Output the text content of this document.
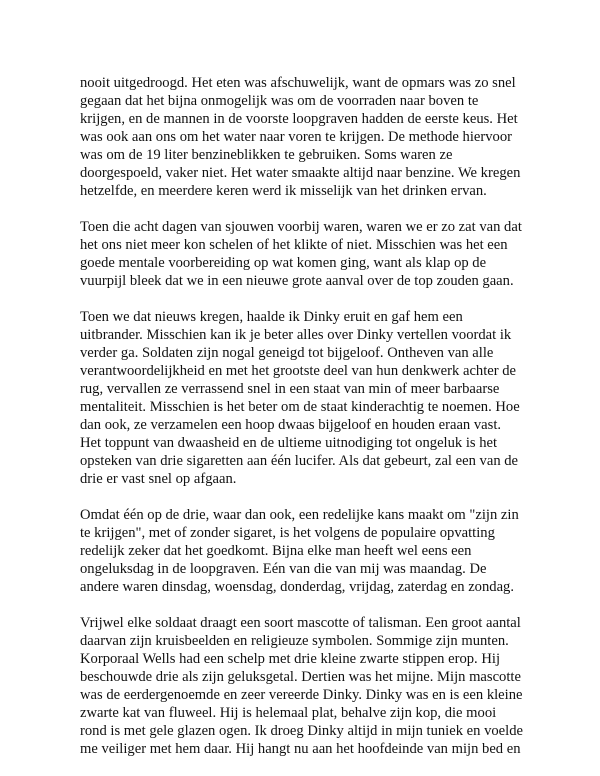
nooit uitgedroogd. Het eten was afschuwelijk, want de opmars was zo snel
gegaan dat het bijna onmogelijk was om de voorraden naar boven te
krijgen, en de mannen in de voorste loopgraven hadden de eerste keus. Het
was ook aan ons om het water naar voren te krijgen. De methode hiervoor
was om de 19 liter benzineblikken te gebruiken. Soms waren ze
doorgespoeld, vaker niet. Het water smaakte altijd naar benzine. We kregen
hetzelfde, en meerdere keren werd ik misselijk van het drinken ervan.

Toen die acht dagen van sjouwen voorbij waren, waren we er zo zat van dat
het ons niet meer kon schelen of het klikte of niet. Misschien was het een
goede mentale voorbereiding op wat komen ging, want als klap op de
vuurpijl bleek dat we in een nieuwe grote aanval over de top zouden gaan.

Toen we dat nieuws kregen, haalde ik Dinky eruit en gaf hem een
uitbrander. Misschien kan ik je beter alles over Dinky vertellen voordat ik
verder ga. Soldaten zijn nogal geneigd tot bijgeloof. Ontheven van alle
verantwoordelijkheid en met het grootste deel van hun denkwerk achter de
rug, vervallen ze verrassend snel in een staat van min of meer barbaarse
mentaliteit. Misschien is het beter om de staat kinderachtig te noemen. Hoe
dan ook, ze verzamelen een hoop dwaas bijgeloof en houden eraan vast.
Het toppunt van dwaasheid en de ultieme uitnodiging tot ongeluk is het
opsteken van drie sigaretten aan één lucifer. Als dat gebeurt, zal een van de
drie er vast snel op afgaan.

Omdat één op de drie, waar dan ook, een redelijke kans maakt om "zijn zin
te krijgen", met of zonder sigaret, is het volgens de populaire opvatting
redelijk zeker dat het goedkomt. Bijna elke man heeft wel eens een
ongeluksdag in de loopgraven. Eén van die van mij was maandag. De
andere waren dinsdag, woensdag, donderdag, vrijdag, zaterdag en zondag.

Vrijwel elke soldaat draagt een soort mascotte of talisman. Een groot aantal
daarvan zijn kruisbeelden en religieuze symbolen. Sommige zijn munten.
Korporaal Wells had een schelp met drie kleine zwarte stippen erop. Hij
beschouwde drie als zijn geluksgetal. Dertien was het mijne. Mijn mascotte
was de eerdergenoemde en zeer vereerde Dinky. Dinky was en is een kleine
zwarte kat van fluweel. Hij is helemaal plat, behalve zijn kop, die mooi
rond is met gele glazen ogen. Ik droeg Dinky altijd in mijn tuniek en voelde
me veiliger met hem daar. Hij hangt nu aan het hoofdeinde van mijn bed en
